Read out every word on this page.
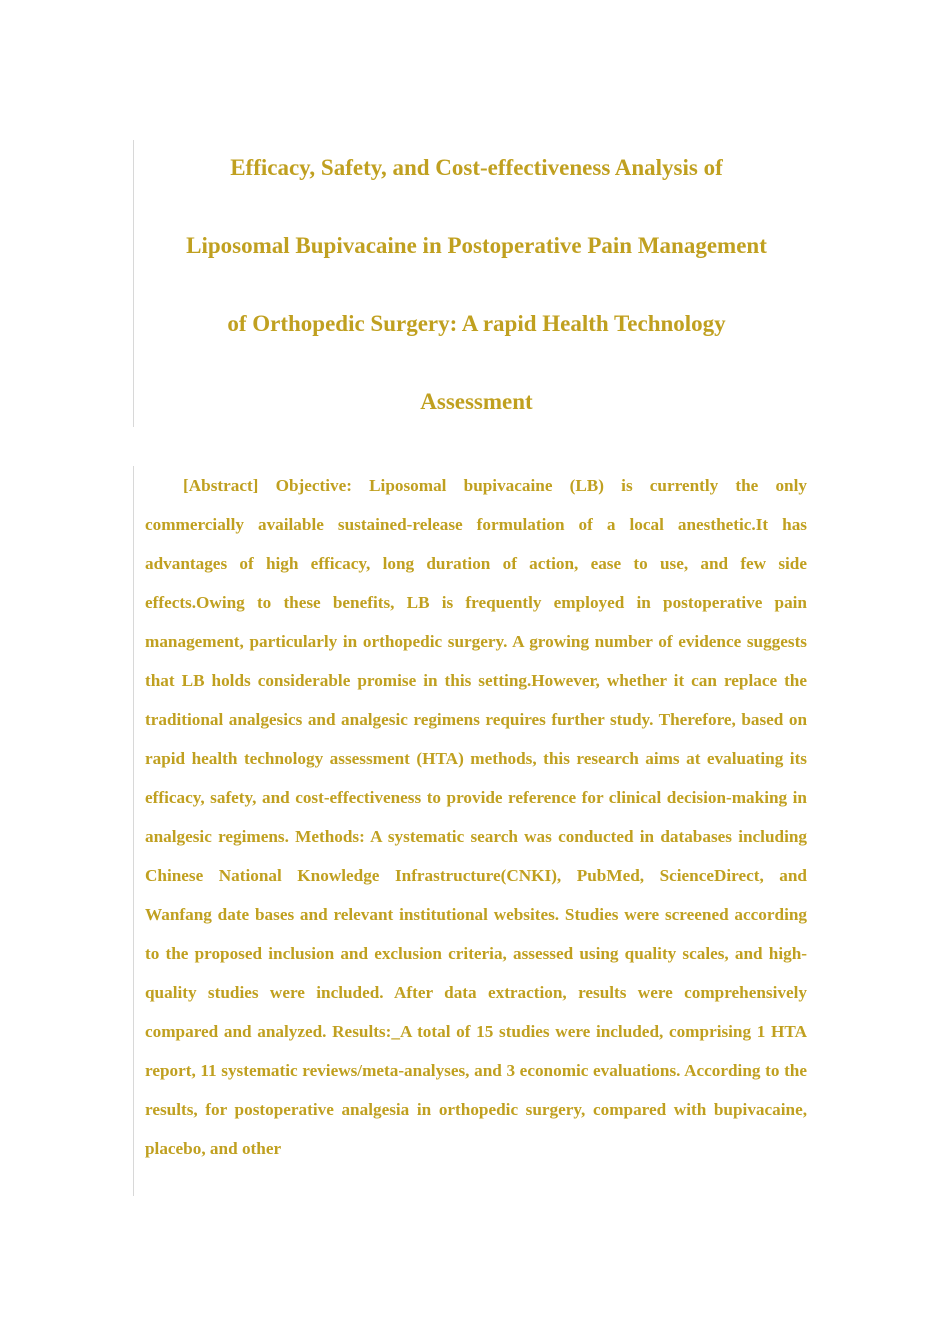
Efficacy, Safety, and Cost-effectiveness Analysis of
Liposomal Bupivacaine in Postoperative Pain Management
of Orthopedic Surgery: A rapid Health Technology
Assessment

[Abstract] Objective: Liposomal bupivacaine (LB) is currently the only commercially available sustained-release formulation of a local anesthetic.It has advantages of high efficacy, long duration of action, ease to use, and few side effects.Owing to these benefits, LB is frequently employed in postoperative pain management, particularly in orthopedic surgery. A growing number of evidence suggests that LB holds considerable promise in this setting.However, whether it can replace the traditional analgesics and analgesic regimens requires further study. Therefore, based on rapid health technology assessment (HTA) methods, this research aims at evaluating its efficacy, safety, and cost-effectiveness to provide reference for clinical decision-making in analgesic regimens. Methods: A systematic search was conducted in databases including Chinese National Knowledge Infrastructure(CNKI), PubMed, ScienceDirect, and Wanfang date bases and relevant institutional websites. Studies were screened according to the proposed inclusion and exclusion criteria, assessed using quality scales, and high-quality studies were included. After data extraction, results were comprehensively compared and analyzed. Results:_A total of 15 studies were included, comprising 1 HTA report, 11 systematic reviews/meta-analyses, and 3 economic evaluations. According to the results, for postoperative analgesia in orthopedic surgery, compared with bupivacaine, placebo, and other
